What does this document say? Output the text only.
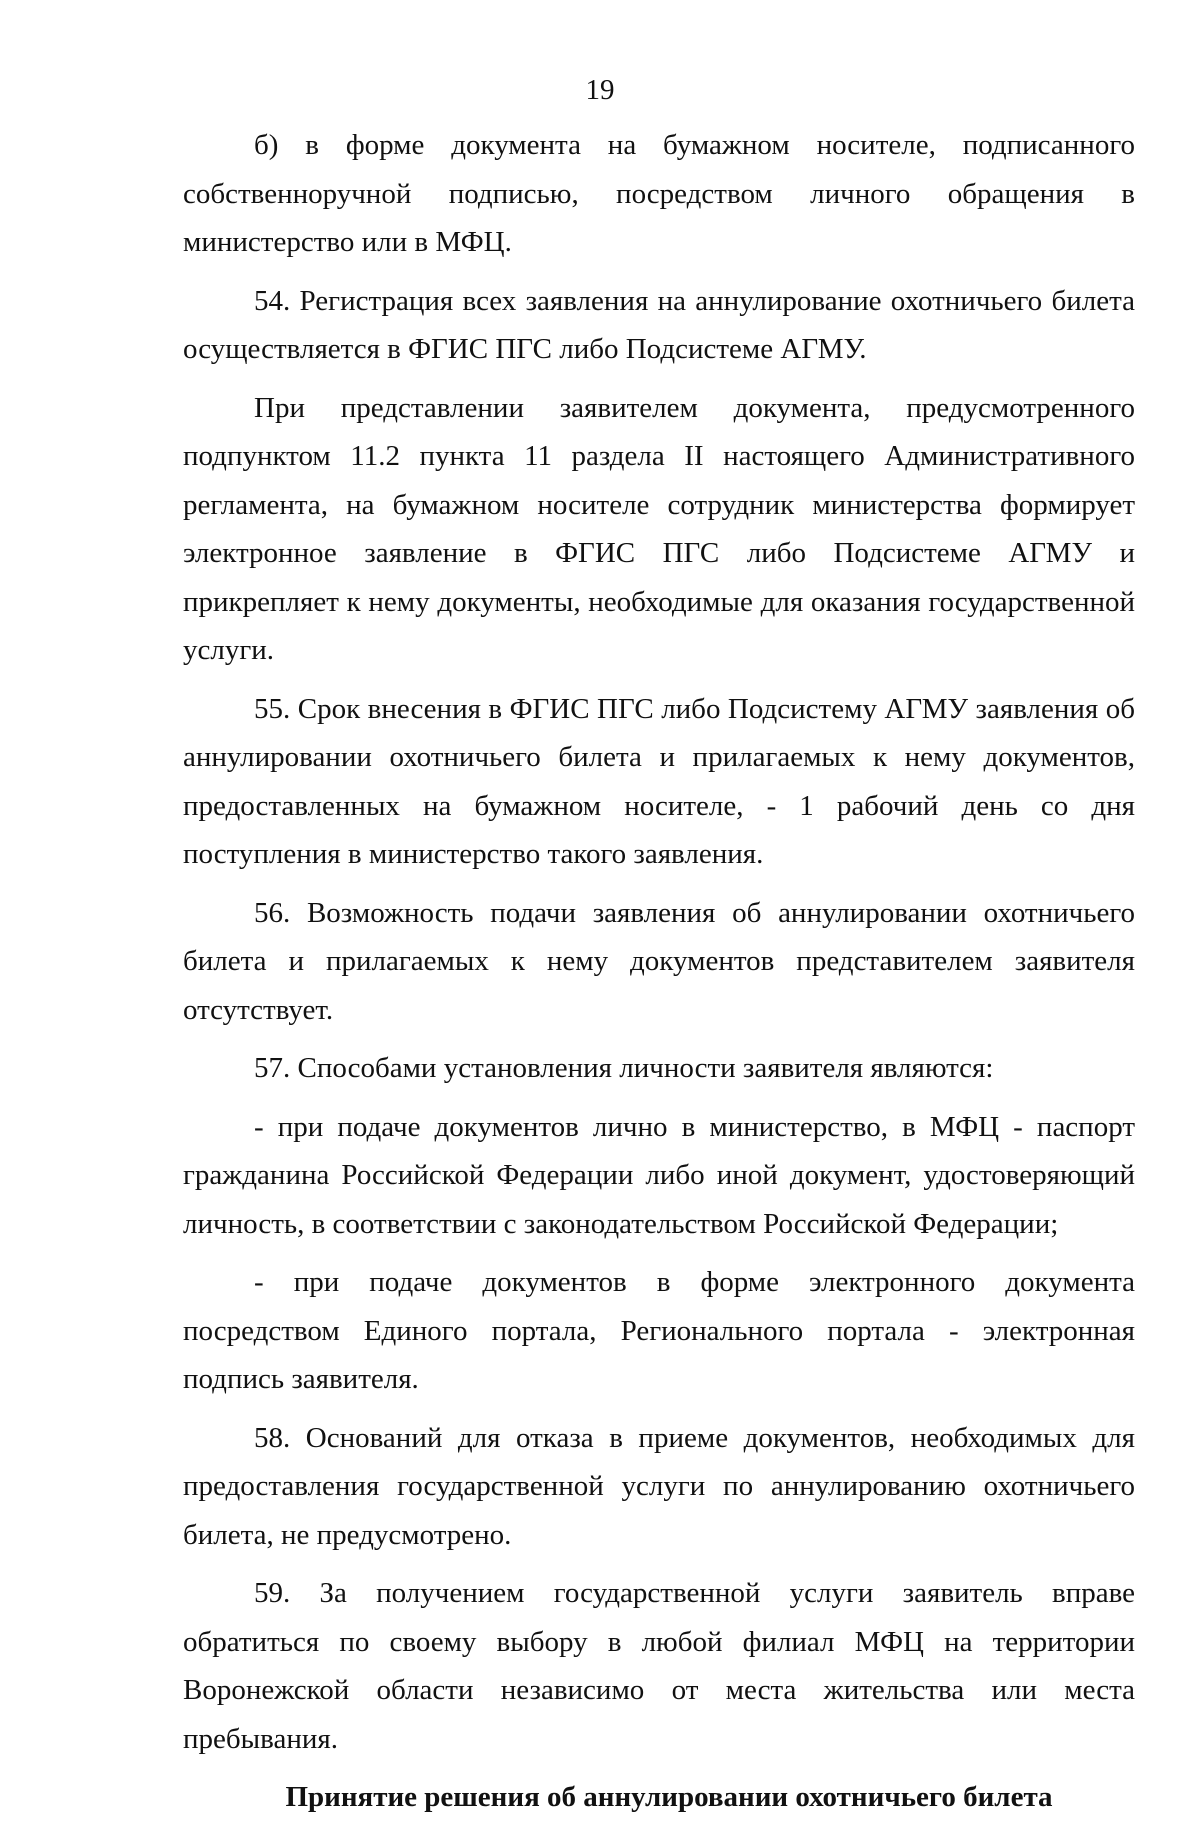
19

б) в форме документа на бумажном носителе, подписанного собственноручной подписью, посредством личного обращения в министерство или в МФЦ.

54. Регистрация всех заявления на аннулирование охотничьего билета осуществляется в ФГИС ПГС либо Подсистеме АГМУ.

При представлении заявителем документа, предусмотренного подпунктом 11.2 пункта 11 раздела II настоящего Административного регламента, на бумажном носителе сотрудник министерства формирует электронное заявление в ФГИС ПГС либо Подсистеме АГМУ и прикрепляет к нему документы, необходимые для оказания государственной услуги.

55. Срок внесения в ФГИС ПГС либо Подсистему АГМУ заявления об аннулировании охотничьего билета и прилагаемых к нему документов, предоставленных на бумажном носителе, - 1 рабочий день со дня поступления в министерство такого заявления.

56. Возможность подачи заявления об аннулировании охотничьего билета и прилагаемых к нему документов представителем заявителя отсутствует.

57. Способами установления личности заявителя являются:

- при подаче документов лично в министерство, в МФЦ - паспорт гражданина Российской Федерации либо иной документ, удостоверяющий личность, в соответствии с законодательством Российской Федерации;

- при подаче документов в форме электронного документа посредством Единого портала, Регионального портала - электронная подпись заявителя.

58. Оснований для отказа в приеме документов, необходимых для предоставления государственной услуги по аннулированию охотничьего билета, не предусмотрено.

59. За получением государственной услуги заявитель вправе обратиться по своему выбору в любой филиал МФЦ на территории Воронежской области независимо от места жительства или места пребывания.

Принятие решения об аннулировании охотничьего билета
